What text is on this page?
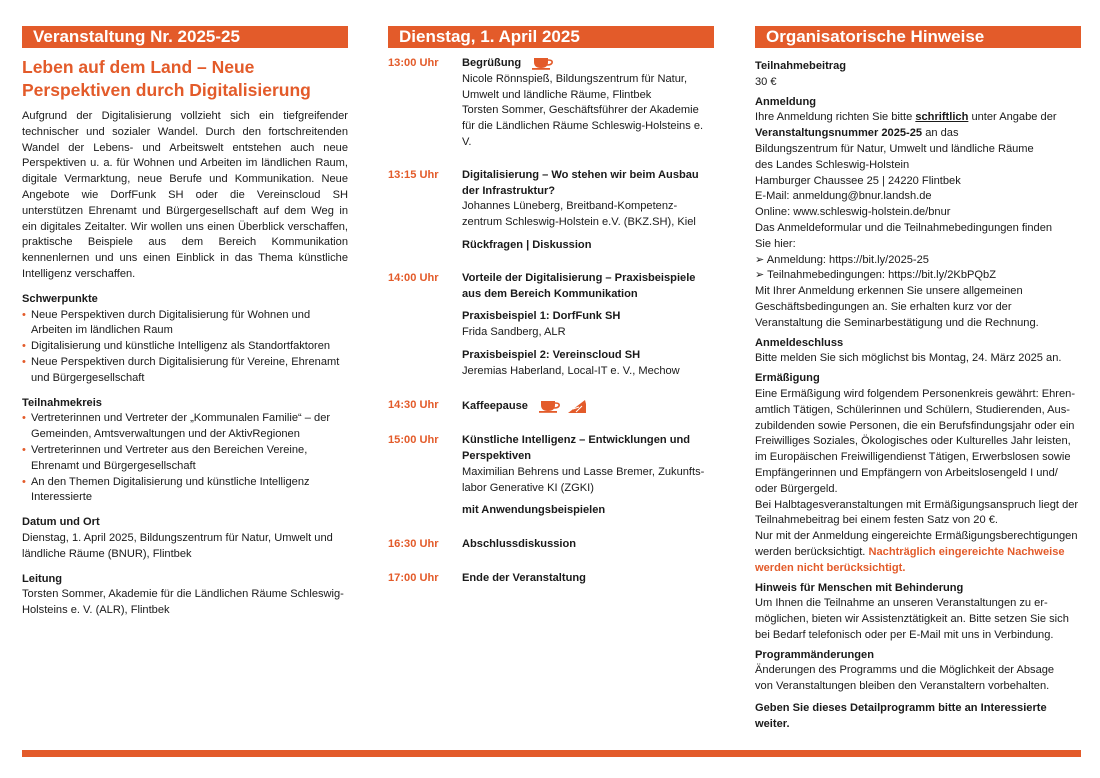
Veranstaltung Nr. 2025-25
Leben auf dem Land – Neue
Perspektiven durch Digitalisierung
Aufgrund der Digitalisierung vollzieht sich ein tiefgreifender technischer und sozialer Wandel. Durch den fortschreitenden Wandel der Lebens- und Arbeitswelt entstehen auch neue Perspektiven u. a. für Wohnen und Arbeiten im ländlichen Raum, digitale Vermarktung, neue Berufe und Kommunikation. Neue Angebote wie DorfFunk SH oder die Vereinscloud SH unterstützen Ehrenamt und Bürgergesellschaft auf dem Weg in ein digitales Zeitalter. Wir wollen uns einen Überblick verschaffen, praktische Beispiele aus dem Bereich Kommunikation kennenlernen und uns einen Einblick in das Thema künstliche Intelligenz verschaffen.
Schwerpunkte
• Neue Perspektiven durch Digitalisierung für Wohnen und Arbeiten im ländlichen Raum
• Digitalisierung und künstliche Intelligenz als Standortfaktoren
• Neue Perspektiven durch Digitalisierung für Vereine, Ehrenamt und Bürgergesellschaft
Teilnahmekreis
• Vertreterinnen und Vertreter der „Kommunalen Familie“ – der Gemeinden, Amtsverwaltungen und der AktivRegionen
• Vertreterinnen und Vertreter aus den Bereichen Vereine, Ehrenamt und Bürgergesellschaft
• An den Themen Digitalisierung und künstliche Intelligenz Interessierte
Datum und Ort
Dienstag, 1. April 2025, Bildungszentrum für Natur, Umwelt und ländliche Räume (BNUR), Flintbek
Leitung
Torsten Sommer, Akademie für die Ländlichen Räume Schleswig-Holsteins e. V. (ALR), Flintbek
Dienstag, 1. April 2025
13:00 Uhr	Begrüßung
Nicole Rönnspieß, Bildungszentrum für Natur,
Umwelt und ländliche Räume, Flintbek
Torsten Sommer, Geschäftsführer der Akademie
für die Ländlichen Räume Schleswig-Holsteins e. V.
13:15 Uhr	Digitalisierung – Wo stehen wir beim Ausbau
der Infrastruktur?
Johannes Lüneberg, Breitband-Kompetenz-
zentrum Schleswig-Holstein e.V. (BKZ.SH), Kiel
Rückfragen | Diskussion
14:00 Uhr	Vorteile der Digitalisierung – Praxisbeispiele
aus dem Bereich Kommunikation
Praxisbeispiel 1: DorfFunk SH
Frida Sandberg, ALR
Praxisbeispiel 2: Vereinscloud SH
Jeremias Haberland, Local-IT e. V., Mechow
14:30 Uhr	Kaffeepause
15:00 Uhr	Künstliche Intelligenz – Entwicklungen und
Perspektiven
Maximilian Behrens und Lasse Bremer, Zukunfts-
labor Generative KI (ZGKI)
mit Anwendungsbeispielen
16:30 Uhr	Abschlussdiskussion
17:00 Uhr	Ende der Veranstaltung
Organisatorische Hinweise
Teilnahmebeitrag
30 €
Anmeldung
Ihre Anmeldung richten Sie bitte schriftlich unter Angabe der
Veranstaltungsnummer 2025-25 an das
Bildungszentrum für Natur, Umwelt und ländliche Räume
des Landes Schleswig-Holstein
Hamburger Chaussee 25 | 24220 Flintbek
E-Mail: anmeldung@bnur.landsh.de
Online: www.schleswig-holstein.de/bnur
Das Anmeldeformular und die Teilnahmebedingungen finden
Sie hier:
➢ Anmeldung: https://bit.ly/2025-25
➢ Teilnahmebedingungen: https://bit.ly/2KbPQbZ
Mit Ihrer Anmeldung erkennen Sie unsere allgemeinen
Geschäftsbedingungen an. Sie erhalten kurz vor der
Veranstaltung die Seminarbestätigung und die Rechnung.
Anmeldeschluss
Bitte melden Sie sich möglichst bis Montag, 24. März 2025 an.
Ermäßigung
Eine Ermäßigung wird folgendem Personenkreis gewährt: Ehren-
amtlich Tätigen, Schülerinnen und Schülern, Studierenden, Aus-
zubildenden sowie Personen, die ein Berufsfindungsjahr oder ein
Freiwilliges Soziales, Ökologisches oder Kulturelles Jahr leisten,
im Europäischen Freiwilligendienst Tätigen, Erwerbslosen sowie
Empfängerinnen und Empfängern von Arbeitslosengeld I und/
oder Bürgergeld.
Bei Halbtagesveranstaltungen mit Ermäßigungsanspruch liegt der
Teilnahmebeitrag bei einem festen Satz von 20 €.
Nur mit der Anmeldung eingereichte Ermäßigungsberechtigungen
werden berücksichtigt. Nachträglich eingereichte Nachweise
werden nicht berücksichtigt.
Hinweis für Menschen mit Behinderung
Um Ihnen die Teilnahme an unseren Veranstaltungen zu er-
möglichen, bieten wir Assistenztätigkeit an. Bitte setzen Sie sich
bei Bedarf telefonisch oder per E-Mail mit uns in Verbindung.
Programmänderungen
Änderungen des Programms und die Möglichkeit der Absage
von Veranstaltungen bleiben den Veranstaltern vorbehalten.
Geben Sie dieses Detailprogramm bitte an Interessierte weiter.
